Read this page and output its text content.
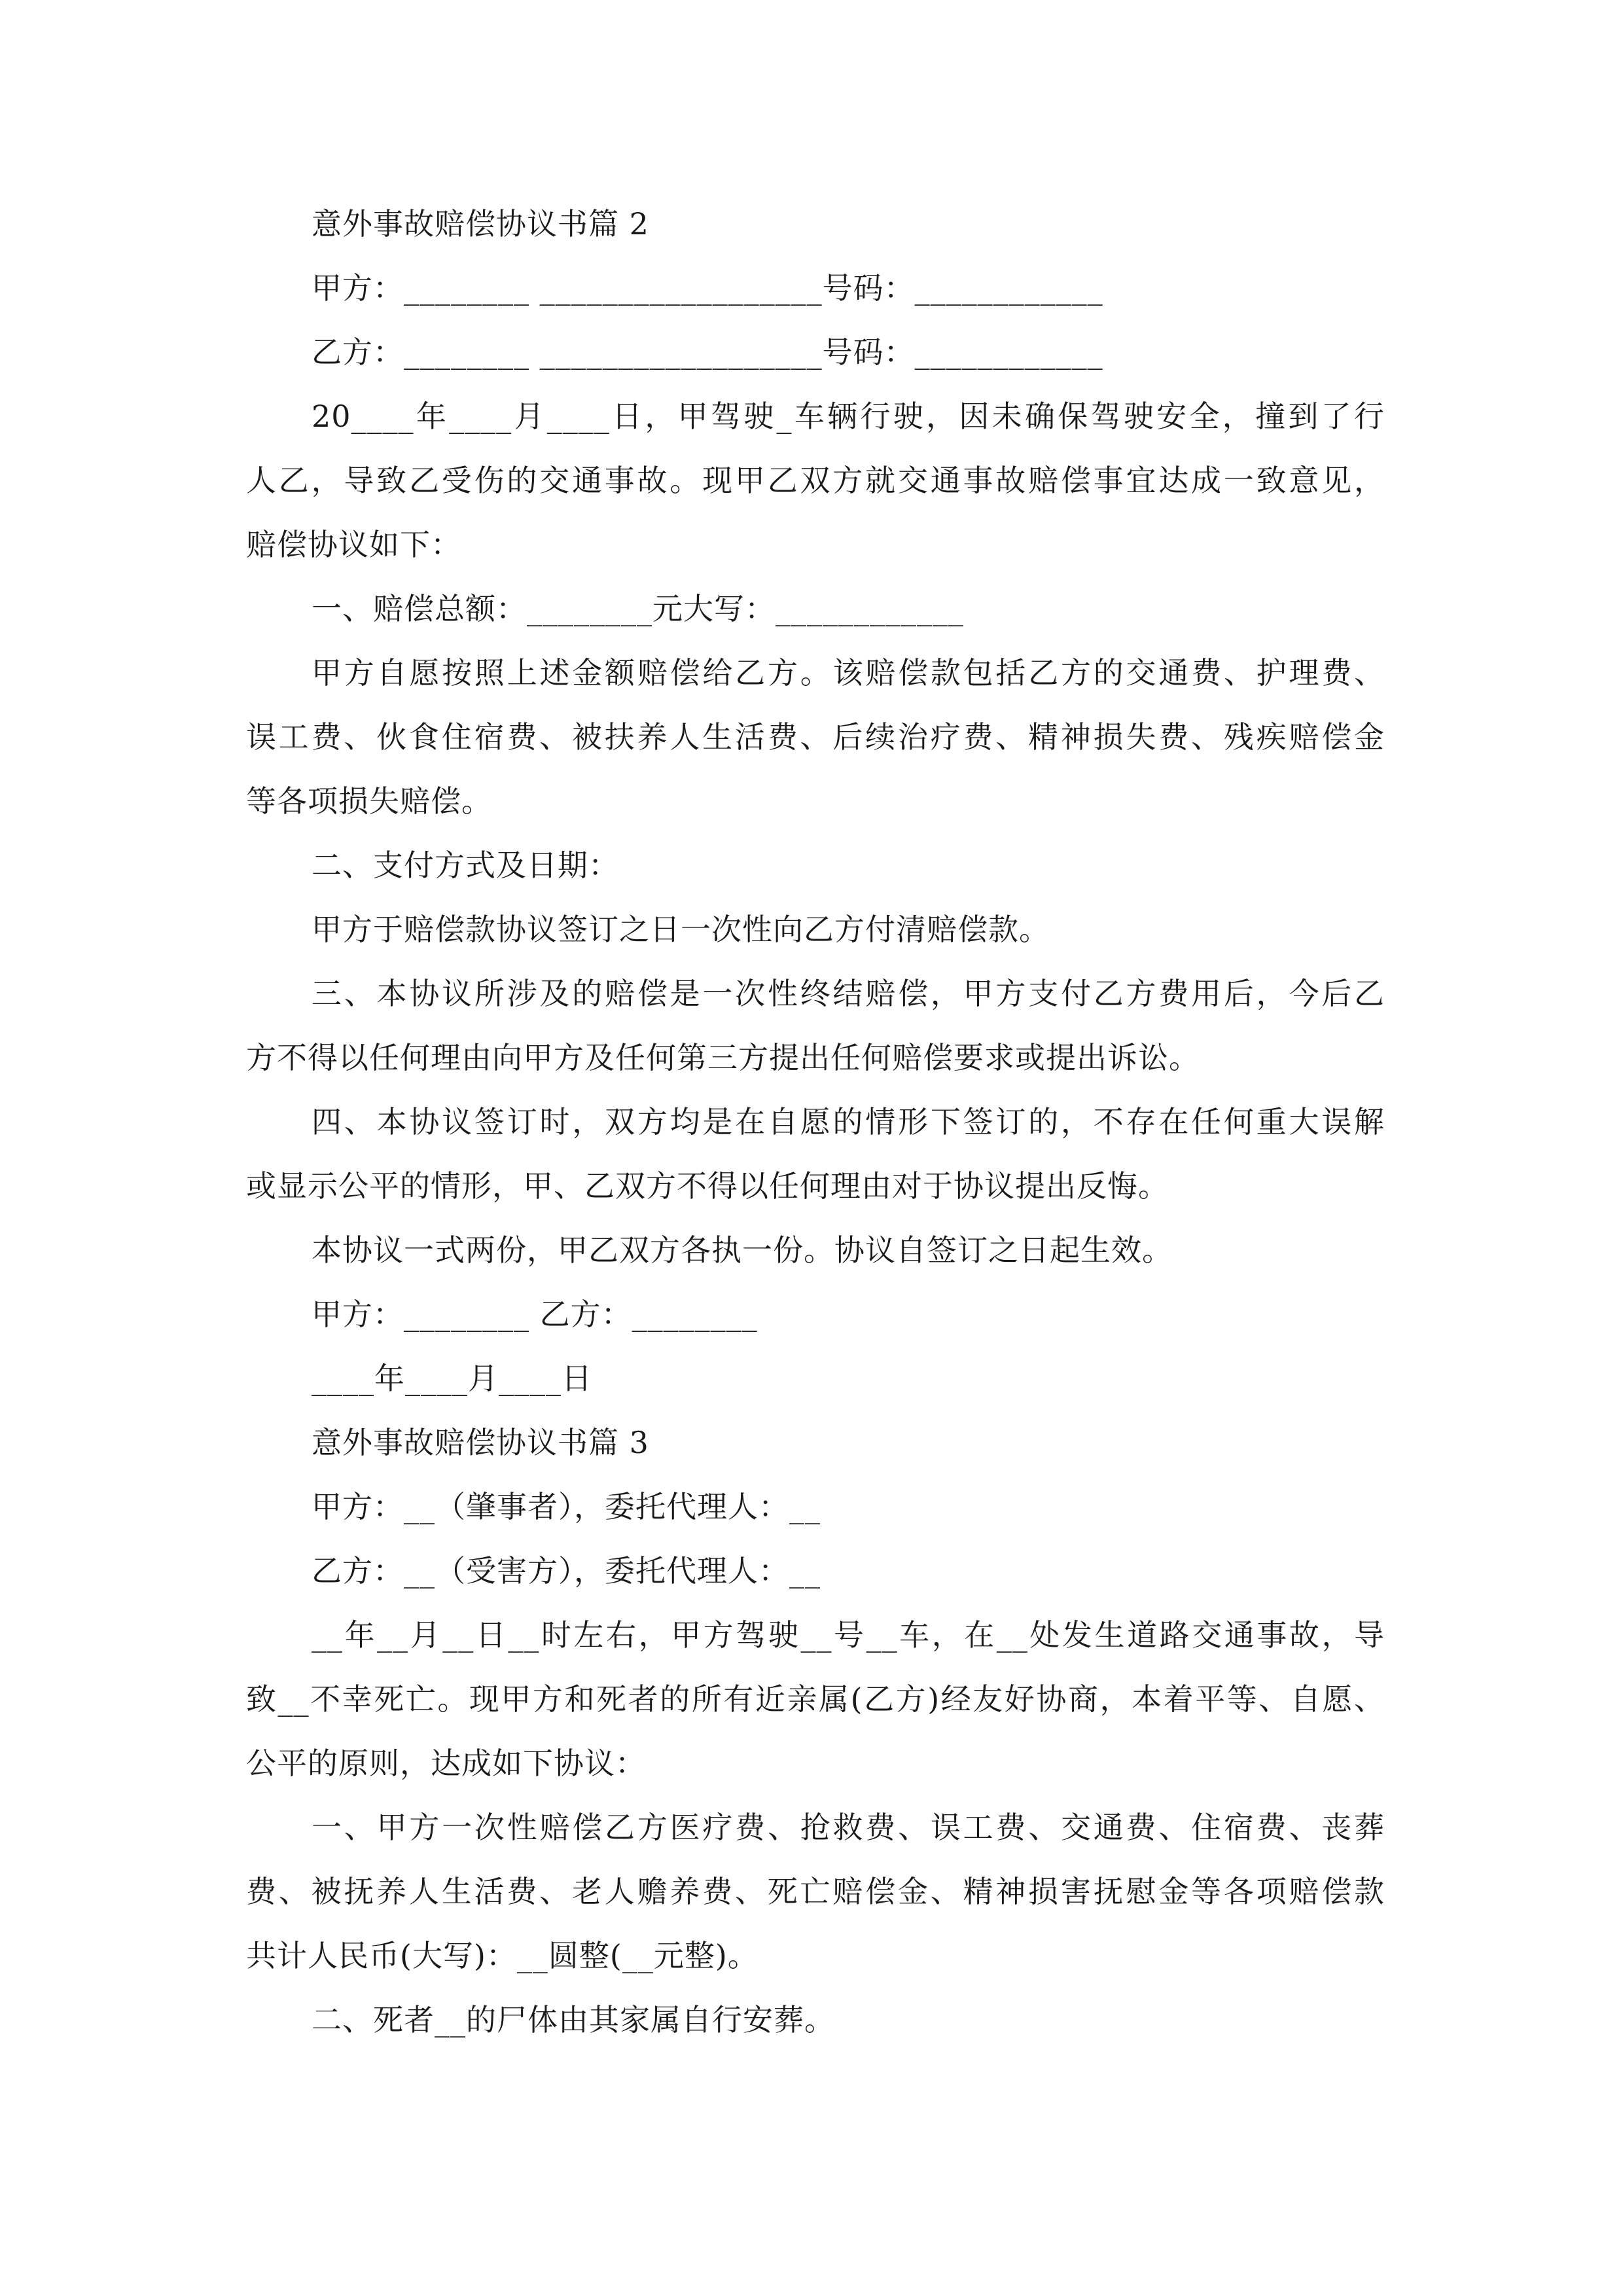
意外事故赔偿协议书篇 2
甲方：________ __________________号码：____________
乙方：________ __________________号码：____________
20____年____月____日，甲驾驶_车辆行驶，因未确保驾驶安全，撞到了行
人乙，导致乙受伤的交通事故。现甲乙双方就交通事故赔偿事宜达成一致意见，
赔偿协议如下：
一、赔偿总额：________元大写：____________
甲方自愿按照上述金额赔偿给乙方。该赔偿款包括乙方的交通费、护理费、
误工费、伙食住宿费、被扶养人生活费、后续治疗费、精神损失费、残疾赔偿金
等各项损失赔偿。
二、支付方式及日期：
甲方于赔偿款协议签订之日一次性向乙方付清赔偿款。
三、本协议所涉及的赔偿是一次性终结赔偿，甲方支付乙方费用后，今后乙
方不得以任何理由向甲方及任何第三方提出任何赔偿要求或提出诉讼。
四、本协议签订时，双方均是在自愿的情形下签订的，不存在任何重大误解
或显示公平的情形，甲、乙双方不得以任何理由对于协议提出反悔。
本协议一式两份，甲乙双方各执一份。协议自签订之日起生效。
甲方：________ 乙方：________
____年____月____日
意外事故赔偿协议书篇 3
甲方：__（肇事者），委托代理人：__
乙方：__（受害方），委托代理人：__
__年__月__日__时左右，甲方驾驶__号__车，在__处发生道路交通事故，导
致__不幸死亡。现甲方和死者的所有近亲属(乙方)经友好协商，本着平等、自愿、
公平的原则，达成如下协议：
一、甲方一次性赔偿乙方医疗费、抢救费、误工费、交通费、住宿费、丧葬
费、被抚养人生活费、老人赡养费、死亡赔偿金、精神损害抚慰金等各项赔偿款
共计人民币(大写)：__圆整(__元整)。
二、死者__的尸体由其家属自行安葬。
